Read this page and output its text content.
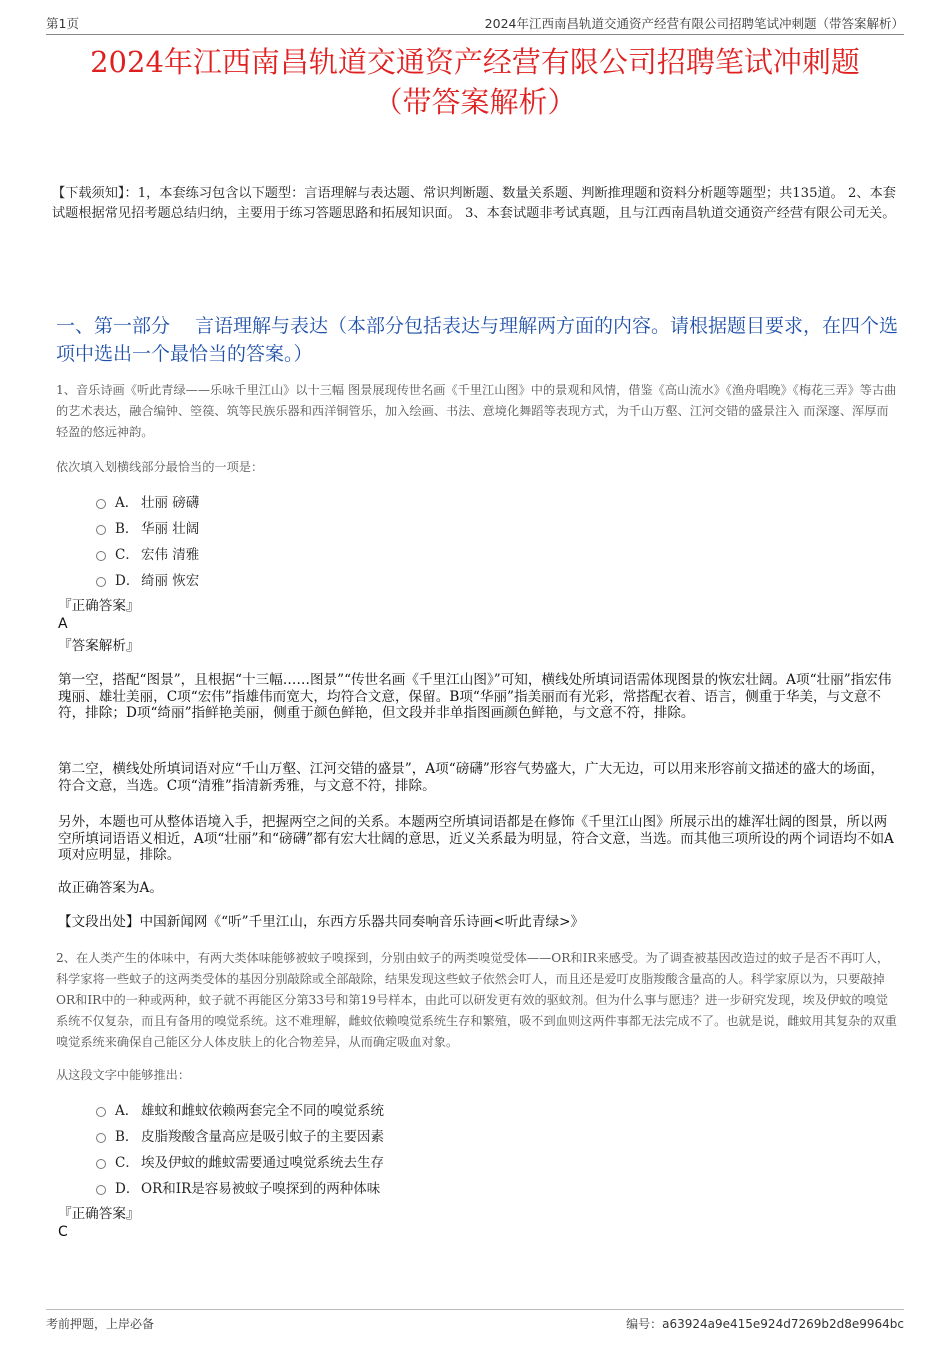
第1页	2024年江西南昌轨道交通资产经营有限公司招聘笔试冲刺题（带答案解析）
2024年江西南昌轨道交通资产经营有限公司招聘笔试冲刺题
（带答案解析）
【下载须知】：1，本套练习包含以下题型：言语理解与表达题、常识判断题、数量关系题、判断推理题和资料分析题等题型；共135道。 2、本套试题根据常见招考题总结归纳，主要用于练习答题思路和拓展知识面。 3、本套试题非考试真题，且与江西南昌轨道交通资产经营有限公司无关。
一、第一部分　 言语理解与表达（本部分包括表达与理解两方面的内容。请根据题目要求，在四个选项中选出一个最恰当的答案。）
1、音乐诗画《听此青绿——乐咏千里江山》以十三幅 图景展现传世名画《千里江山图》中的景观和风情，借鉴《高山流水》《渔舟唱晚》《梅花三弄》等古曲的艺术表达，融合编钟、箜篌、筑等民族乐器和西洋铜管乐，加入绘画、书法、意境化舞蹈等表现方式，为千山万壑、江河交错的盛景注入 而深邃、浑厚而轻盈的悠远神韵。
依次填入划横线部分最恰当的一项是：
A． 壮丽 磅礴
B． 华丽 壮阔
C． 宏伟 清雅
D． 绮丽 恢宏
『正确答案』
A
『答案解析』
第一空，搭配“图景”，且根据“十三幅……图景”“传世名画《千里江山图》”可知，横线处所填词语需体现图景的恢宏壮阔。A项“壮丽”指宏伟瑰丽、雄壮美丽，C项“宏伟”指雄伟而宽大，均符合文意，保留。B项“华丽”指美丽而有光彩，常搭配衣着、语言，侧重于华美，与文意不符，排除；D项“绮丽”指鲜艳美丽，侧重于颜色鲜艳，但文段并非单指图画颜色鲜艳，与文意不符，排除。
第二空，横线处所填词语对应“千山万壑、江河交错的盛景”，A项“磅礴”形容气势盛大，广大无边，可以用来形容前文描述的盛大的场面，符合文意，当选。C项“清雅”指清新秀雅，与文意不符，排除。
另外，本题也可从整体语境入手，把握两空之间的关系。本题两空所填词语都是在修饰《千里江山图》所展示出的雄浑壮阔的图景，所以两空所填词语语义相近，A项“壮丽”和“磅礴”都有宏大壮阔的意思，近义关系最为明显，符合文意，当选。而其他三项所设的两个词语均不如A项对应明显，排除。
故正确答案为A。
【文段出处】中国新闻网《“听”千里江山，东西方乐器共同奏响音乐诗画<听此青绿>》
2、在人类产生的体味中，有两大类体味能够被蚊子嗅探到，分别由蚊子的两类嗅觉受体——OR和IR来感受。为了调查被基因改造过的蚊子是否不再叮人，科学家将一些蚊子的这两类受体的基因分别敲除或全部敲除，结果发现这些蚊子依然会叮人，而且还是爱叮皮脂羧酸含量高的人。科学家原以为，只要敲掉OR和IR中的一种或两种，蚊子就不再能区分第33号和第19号样本，由此可以研发更有效的驱蚊剂。但为什么事与愿违？进一步研究发现，埃及伊蚊的嗅觉系统不仅复杂，而且有备用的嗅觉系统。这不难理解，雌蚊依赖嗅觉系统生存和繁殖，吸不到血则这两件事都无法完成不了。也就是说，雌蚊用其复杂的双重嗅觉系统来确保自己能区分人体皮肤上的化合物差异，从而确定吸血对象。
从这段文字中能够推出：
A． 雄蚊和雌蚊依赖两套完全不同的嗅觉系统
B． 皮脂羧酸含量高应是吸引蚊子的主要因素
C． 埃及伊蚊的雌蚊需要通过嗅觉系统去生存
D． OR和IR是容易被蚊子嗅探到的两种体味
『正确答案』
C
考前押题，上岸必备	编号：a63924a9e415e924d7269b2d8e9964bc
